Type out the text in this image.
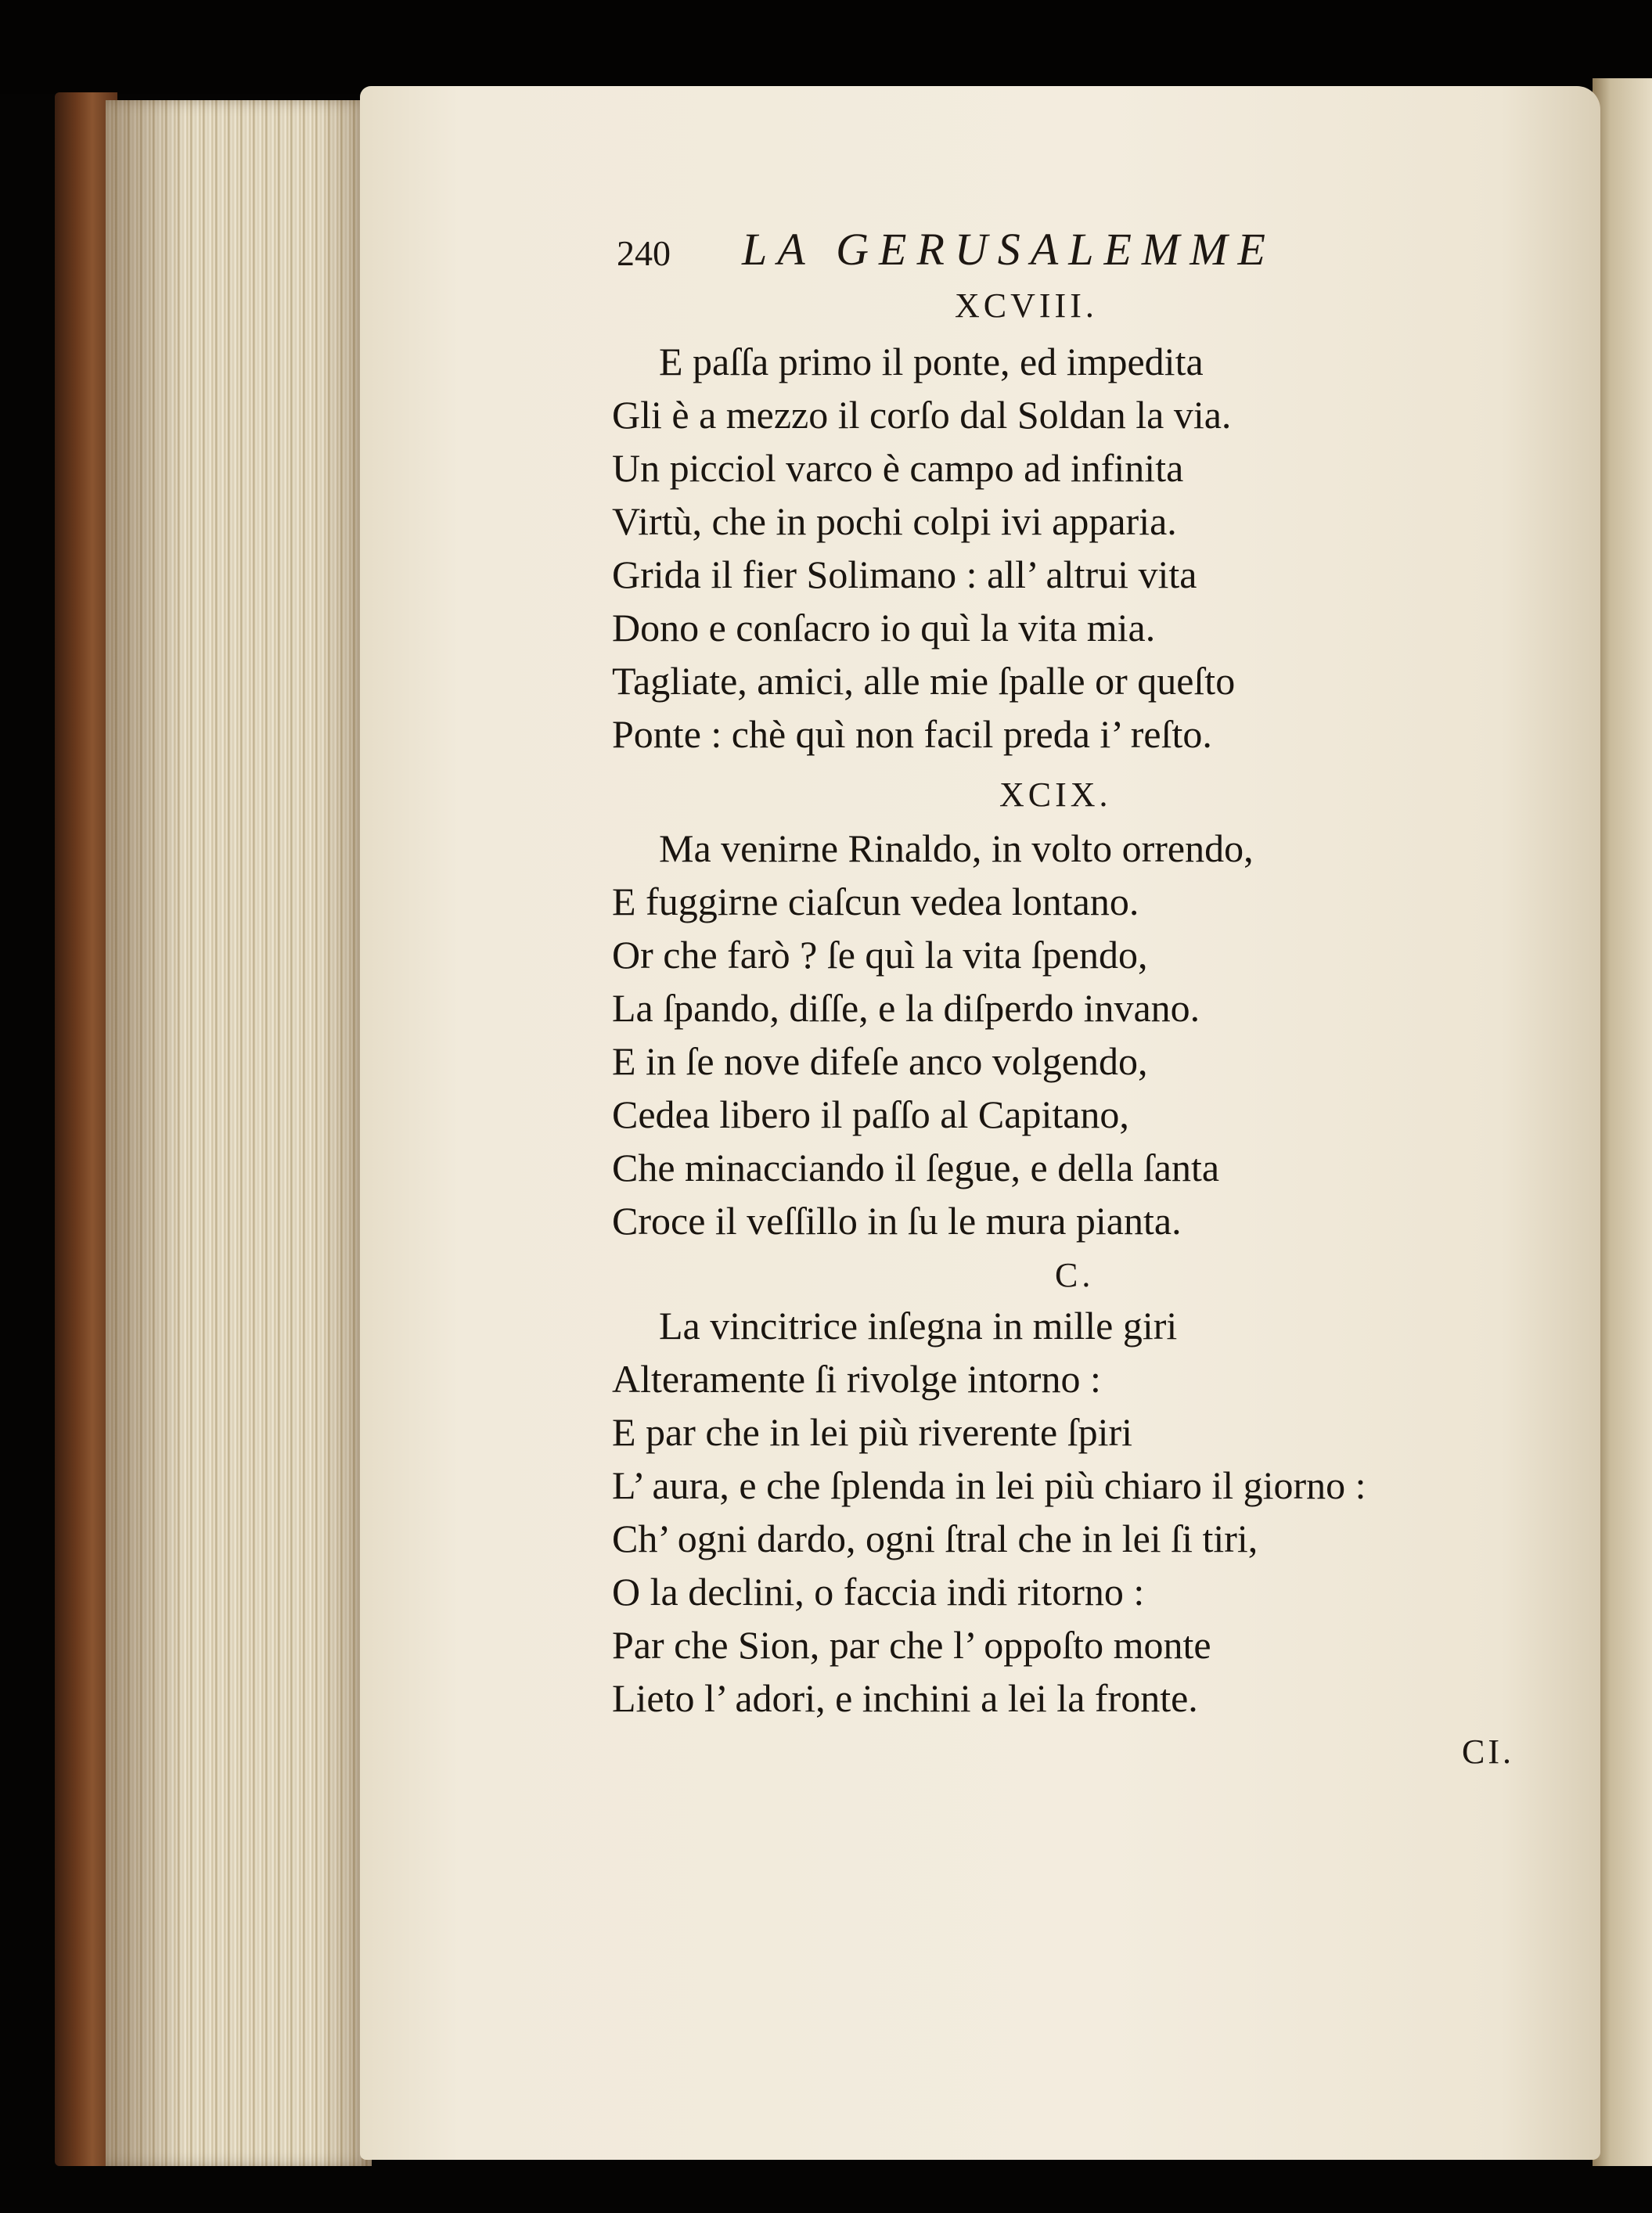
240 LA GERUSALEMME
XCVIII.
E paſſa primo il ponte, ed impedita
Gli è a mezzo il corſo dal Soldan la via.
Un picciol varco è campo ad infinita
Virtù, che in pochi colpi ivi apparia.
Grida il fier Solimano : all’ altrui vita
Dono e conſacro io quì la vita mia.
Tagliate, amici, alle mie ſpalle or queſto
Ponte : chè quì non facil preda i’ reſto.
XCIX.
Ma venirne Rinaldo, in volto orrendo,
E fuggirne ciaſcun vedea lontano.
Or che farò ? ſe quì la vita ſpendo,
La ſpando, diſſe, e la diſperdo invano.
E in ſe nove difeſe anco volgendo,
Cedea libero il paſſo al Capitano,
Che minacciando il ſegue, e della ſanta
Croce il veſſillo in ſu le mura pianta.
C.
La vincitrice inſegna in mille giri
Alteramente ſi rivolge intorno :
E par che in lei più riverente ſpiri
L’ aura, e che ſplenda in lei più chiaro il giorno :
Ch’ ogni dardo, ogni ſtral che in lei ſi tiri,
O la declini, o faccia indi ritorno :
Par che Sion, par che l’ oppoſto monte
Lieto l’ adori, e inchini a lei la fronte.
CI.
